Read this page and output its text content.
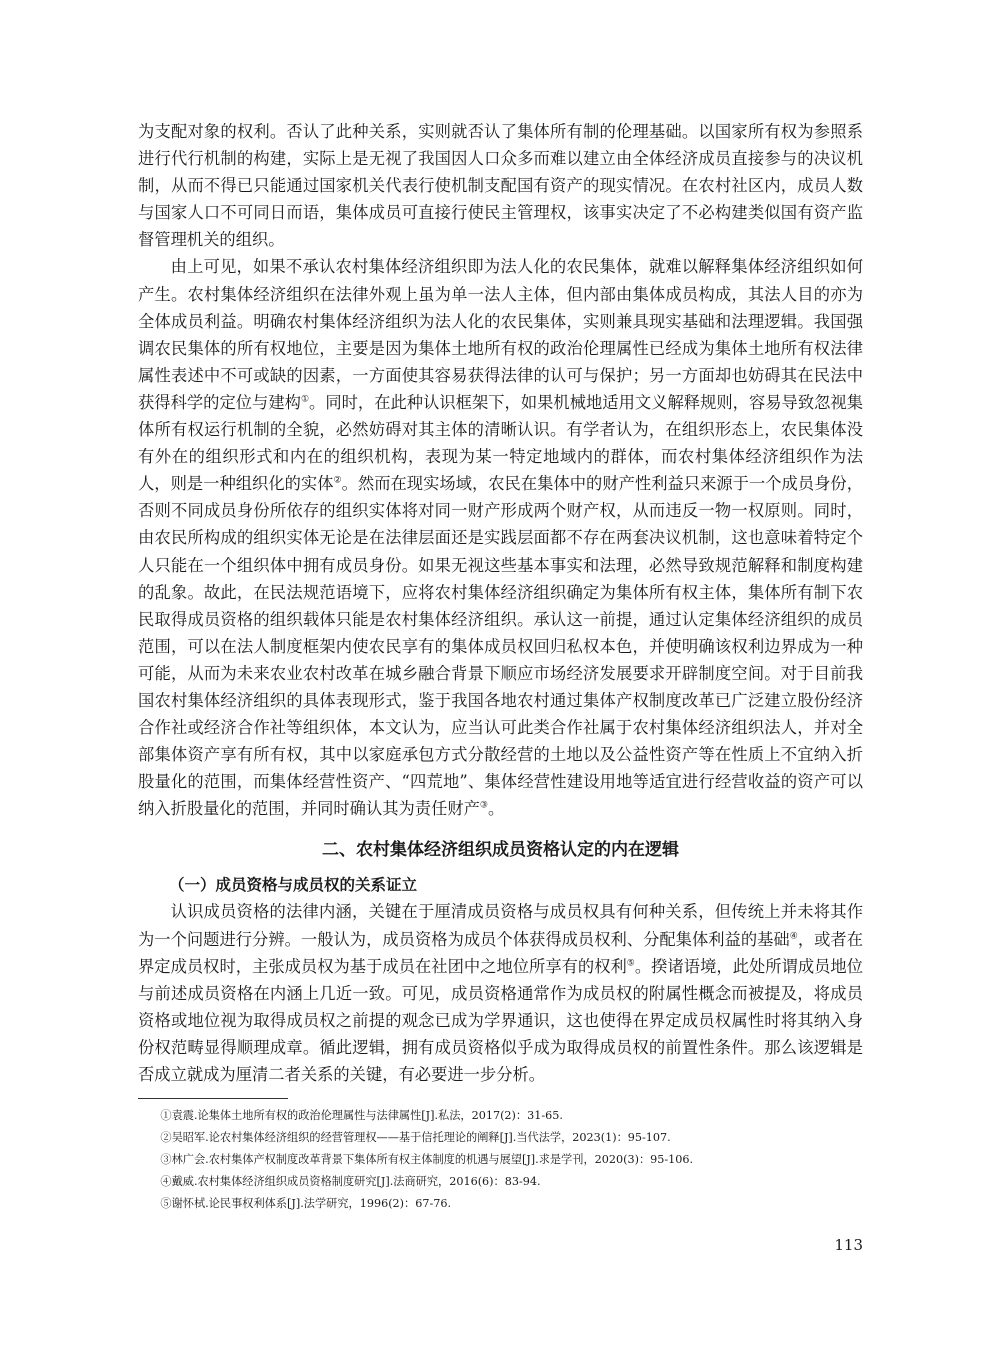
为支配对象的权利。否认了此种关系，实则就否认了集体所有制的伦理基础。以国家所有权为参照系进行代行机制的构建，实际上是无视了我国因人口众多而难以建立由全体经济成员直接参与的决议机制，从而不得已只能通过国家机关代表行使机制支配国有资产的现实情况。在农村社区内，成员人数与国家人口不可同日而语，集体成员可直接行使民主管理权，该事实决定了不必构建类似国有资产监督管理机关的组织。

由上可见，如果不承认农村集体经济组织即为法人化的农民集体，就难以解释集体经济组织如何产生。农村集体经济组织在法律外观上虽为单一法人主体，但内部由集体成员构成，其法人目的亦为全体成员利益。明确农村集体经济组织为法人化的农民集体，实则兼具现实基础和法理逻辑。我国强调农民集体的所有权地位，主要是因为集体土地所有权的政治伦理属性已经成为集体土地所有权法律属性表述中不可或缺的因素，一方面使其容易获得法律的认可与保护；另一方面却也妨碍其在民法中获得科学的定位与建构①。同时，在此种认识框架下，如果机械地适用文义解释规则，容易导致忽视集体所有权运行机制的全貌，必然妨碍对其主体的清晰认识。有学者认为，在组织形态上，农民集体没有外在的组织形式和内在的组织机构，表现为某一特定地域内的群体，而农村集体经济组织作为法人，则是一种组织化的实体②。然而在现实场域，农民在集体中的财产性利益只来源于一个成员身份，否则不同成员身份所依存的组织实体将对同一财产形成两个财产权，从而违反一物一权原则。同时，由农民所构成的组织实体无论是在法律层面还是实践层面都不存在两套决议机制，这也意味着特定个人只能在一个组织体中拥有成员身份。如果无视这些基本事实和法理，必然导致规范解释和制度构建的乱象。故此，在民法规范语境下，应将农村集体经济组织确定为集体所有权主体，集体所有制下农民取得成员资格的组织载体只能是农村集体经济组织。承认这一前提，通过认定集体经济组织的成员范围，可以在法人制度框架内使农民享有的集体成员权回归私权本色，并使明确该权利边界成为一种可能，从而为未来农业农村改革在城乡融合背景下顺应市场经济发展要求开辟制度空间。对于目前我国农村集体经济组织的具体表现形式，鉴于我国各地农村通过集体产权制度改革已广泛建立股份经济合作社或经济合作社等组织体，本文认为，应当认可此类合作社属于农村集体经济组织法人，并对全部集体资产享有所有权，其中以家庭承包方式分散经营的土地以及公益性资产等在性质上不宜纳入折股量化的范围，而集体经营性资产、“四荒地”、集体经营性建设用地等适宜进行经营收益的资产可以纳入折股量化的范围，并同时确认其为责任财产③。

二、农村集体经济组织成员资格认定的内在逻辑
（一）成员资格与成员权的关系证立

认识成员资格的法律内涵，关键在于厘清成员资格与成员权具有何种关系，但传统上并未将其作为一个问题进行分辨。一般认为，成员资格为成员个体获得成员权利、分配集体利益的基础④，或者在界定成员权时，主张成员权为基于成员在社团中之地位所享有的权利⑤。揆诸语境，此处所谓成员地位与前述成员资格在内涵上几近一致。可见，成员资格通常作为成员权的附属性概念而被提及，将成员资格或地位视为取得成员权之前提的观念已成为学界通识，这也使得在界定成员权属性时将其纳入身份权范畴显得顺理成章。循此逻辑，拥有成员资格似乎成为取得成员权的前置性条件。那么该逻辑是否成立就成为厘清二者关系的关键，有必要进一步分析。

①袁震.论集体土地所有权的政治伦理属性与法律属性[J].私法，2017(2)：31-65.

②吴昭军.论农村集体经济组织的经营管理权——基于信托理论的阐释[J].当代法学，2023(1)：95-107.

③林广会.农村集体产权制度改革背景下集体所有权主体制度的机遇与展望[J].求是学刊，2020(3)：95-106.

④戴威.农村集体经济组织成员资格制度研究[J].法商研究，2016(6)：83-94.

⑤谢怀栻.论民事权利体系[J].法学研究，1996(2)：67-76.

113
